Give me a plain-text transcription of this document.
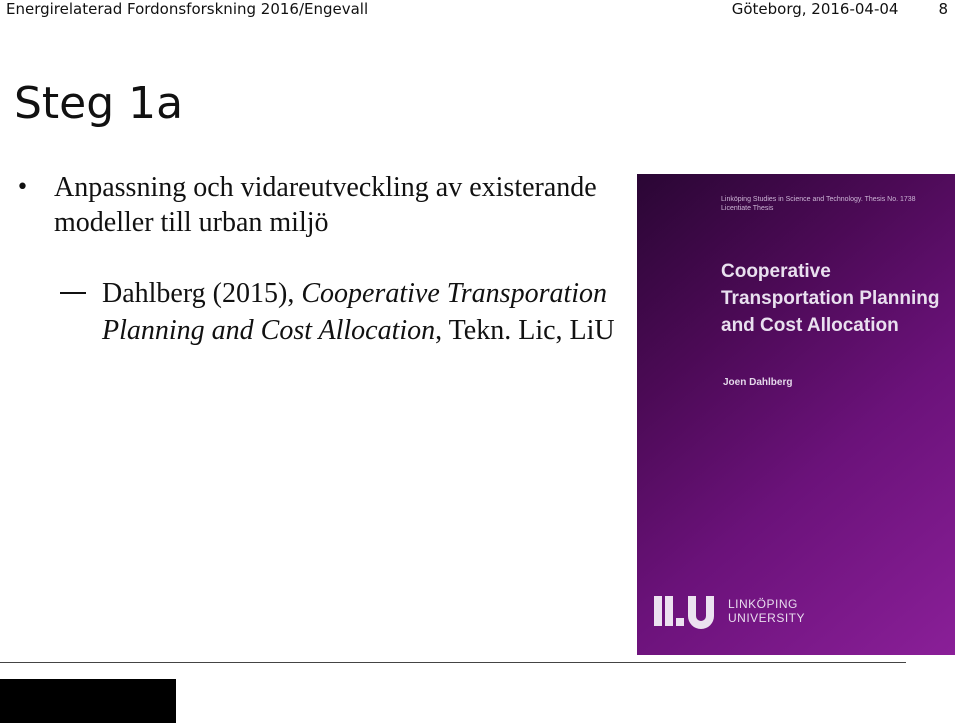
Energirelaterad Fordonsforskning 2016/Engevall	Göteborg, 2016-04-04	8
Steg 1a
• Anpassning och vidareutveckling av existerande modeller till urban miljö
Dahlberg (2015), Cooperative Transporation Planning and Cost Allocation, Tekn. Lic, LiU
Linköping Studies in Science and Technology. Thesis No. 1738 Licentiate Thesis
Cooperative Transportation Planning and Cost Allocation
Joen Dahlberg
LINKÖPING
UNIVERSITY
